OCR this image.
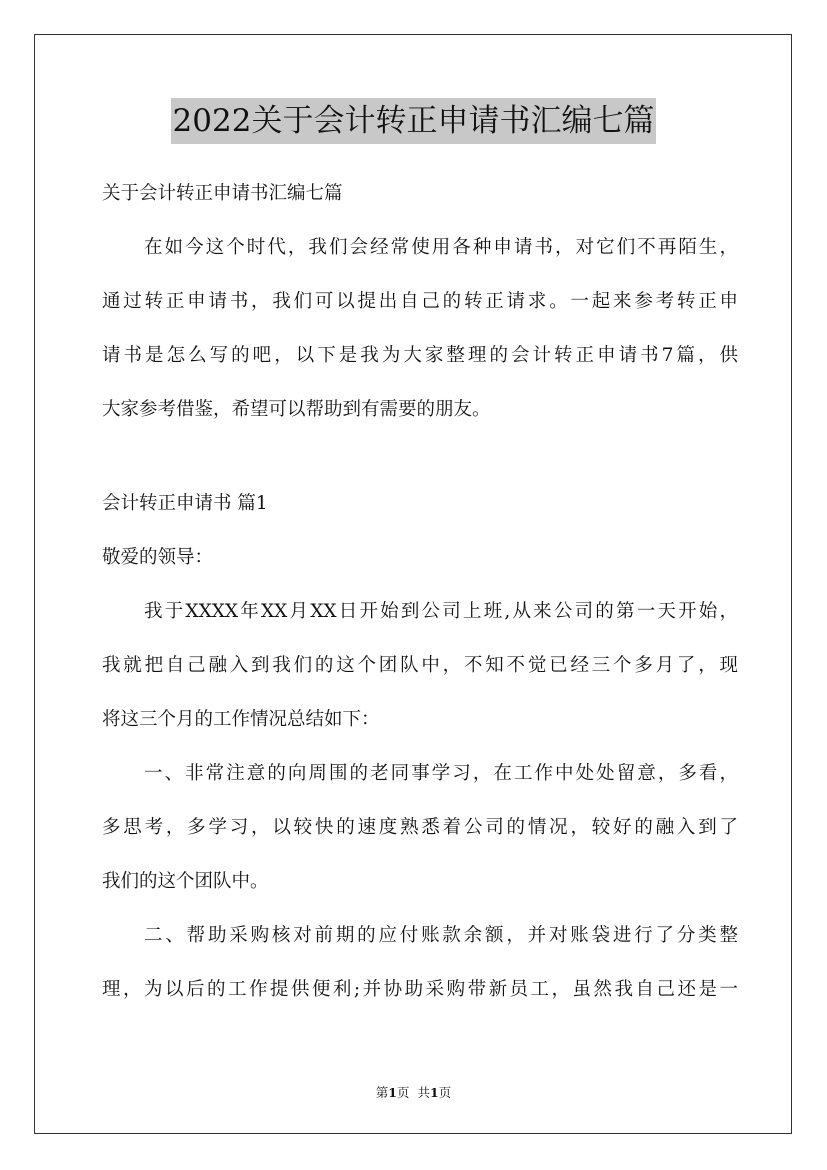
2022关于会计转正申请书汇编七篇
关于会计转正申请书汇编七篇
在如今这个时代，我们会经常使用各种申请书，对它们不再陌生，
通过转正申请书，我们可以提出自己的转正请求。一起来参考转正申
请书是怎么写的吧，以下是我为大家整理的会计转正申请书7篇，供
大家参考借鉴，希望可以帮助到有需要的朋友。
会计转正申请书 篇1
敬爱的领导：
我于XXXX年XX月XX日开始到公司上班,从来公司的第一天开始，
我就把自己融入到我们的这个团队中，不知不觉已经三个多月了，现
将这三个月的工作情况总结如下：
一、非常注意的向周围的老同事学习，在工作中处处留意，多看，
多思考，多学习，以较快的速度熟悉着公司的情况，较好的融入到了
我们的这个团队中。
二、帮助采购核对前期的应付账款余额，并对账袋进行了分类整
理，为以后的工作提供便利;并协助采购带新员工，虽然我自己还是一
第1页 共1页
